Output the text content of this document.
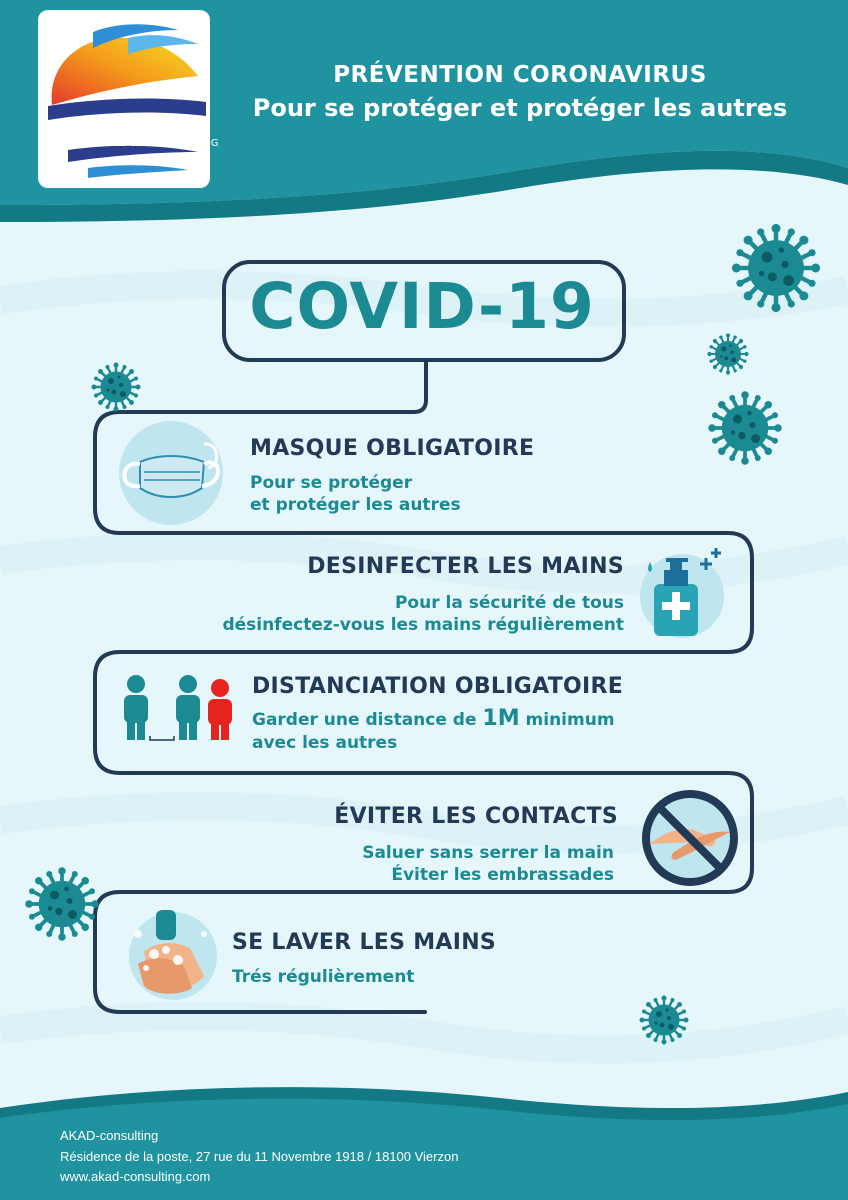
AKAD CONSULTING
PRÉVENTION CORONAVIRUS
Pour se protéger et protéger les autres
COVID-19
MASQUE OBLIGATOIRE
Pour se protéger
et protéger les autres
DESINFECTER LES MAINS
Pour la sécurité de tous
désinfectez-vous les mains régulièrement
DISTANCIATION OBLIGATOIRE
Garder une distance de 1M minimum
avec les autres
ÉVITER LES CONTACTS
Saluer sans serrer la main
Éviter les embrassades
SE LAVER LES MAINS
Trés régulièrement
AKAD-consulting
Résidence de la poste, 27 rue du 11 Novembre 1918 / 18100 Vierzon
www.akad-consulting.com
